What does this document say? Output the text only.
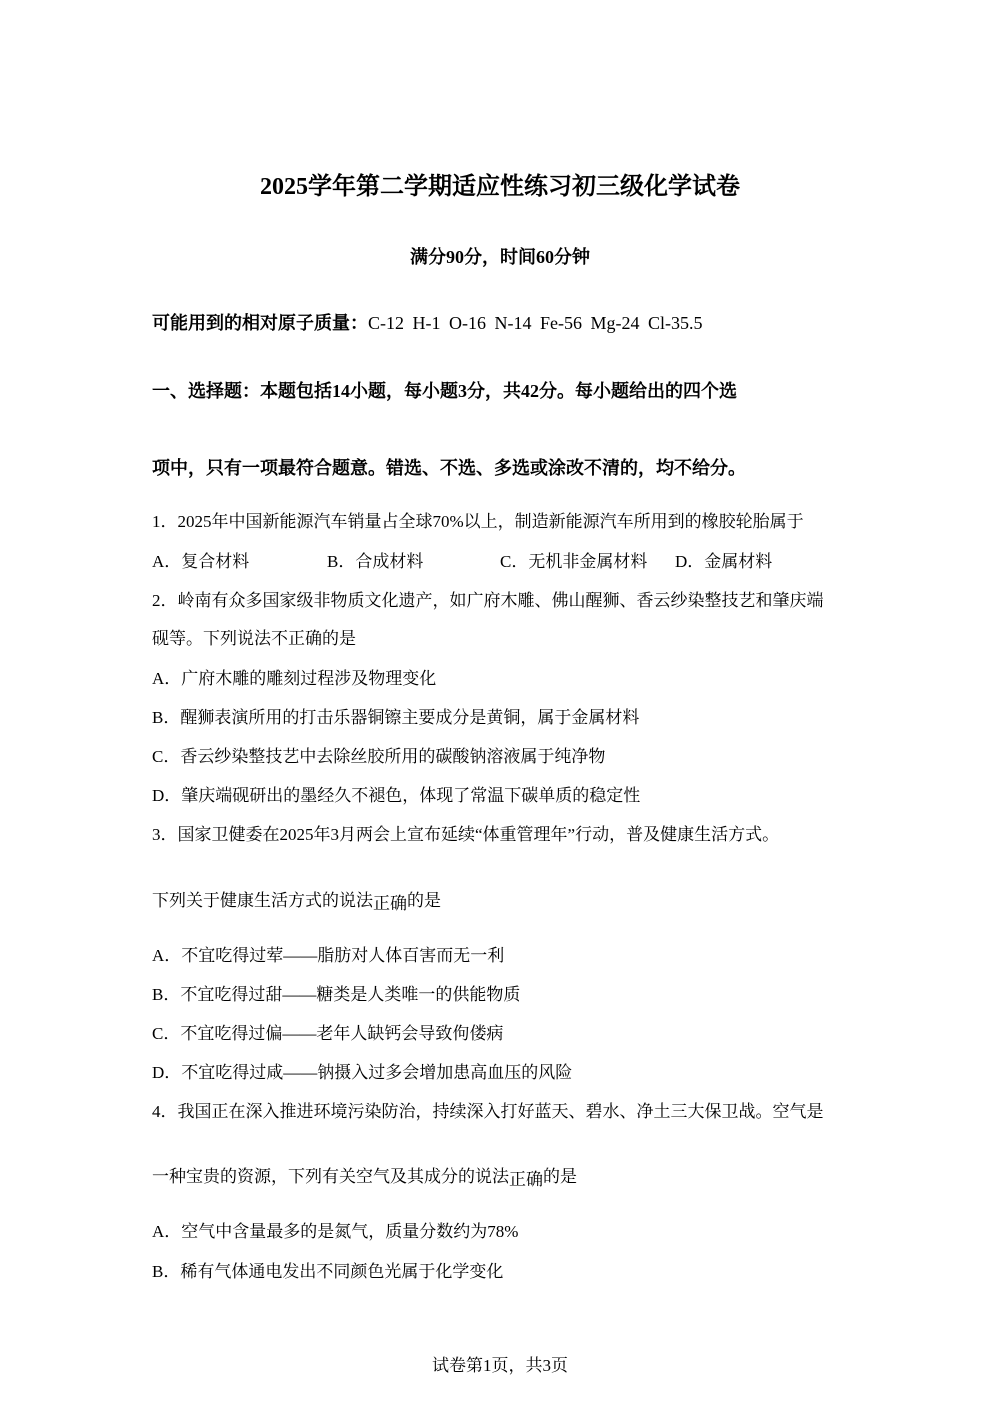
2025学年第二学期适应性练习初三级化学试卷
满分90分，时间60分钟
可能用到的相对原子质量：C-12 H-1 O-16 N-14 Fe-56 Mg-24 Cl-35.5
一、选择题：本题包括14小题，每小题3分，共42分。每小题给出的四个选
项中，只有一项最符合题意。错选、不选、多选或涂改不清的，均不给分。
1．2025年中国新能源汽车销量占全球70%以上，制造新能源汽车所用到的橡胶轮胎属于
A．复合材料	B．合成材料	C．无机非金属材料 D．金属材料
2．岭南有众多国家级非物质文化遗产，如广府木雕、佛山醒狮、香云纱染整技艺和肇庆端
砚等。下列说法不正确的是
A．广府木雕的雕刻过程涉及物理变化
B．醒狮表演所用的打击乐器铜镲主要成分是黄铜，属于金属材料
C．香云纱染整技艺中去除丝胶所用的碳酸钠溶液属于纯净物
D．肇庆端砚研出的墨经久不褪色，体现了常温下碳单质的稳定性
3．国家卫健委在2025年3月两会上宣布延续“体重管理年”行动，普及健康生活方式。
下列关于健康生活方式的说法正确的是
A．不宜吃得过荤——脂肪对人体百害而无一利
B．不宜吃得过甜——糖类是人类唯一的供能物质
C．不宜吃得过偏——老年人缺钙会导致佝偻病
D．不宜吃得过咸——钠摄入过多会增加患高血压的风险
4．我国正在深入推进环境污染防治，持续深入打好蓝天、碧水、净土三大保卫战。空气是
一种宝贵的资源，下列有关空气及其成分的说法正确的是
A．空气中含量最多的是氮气，质量分数约为78%
B．稀有气体通电发出不同颜色光属于化学变化
试卷第1页，共3页
